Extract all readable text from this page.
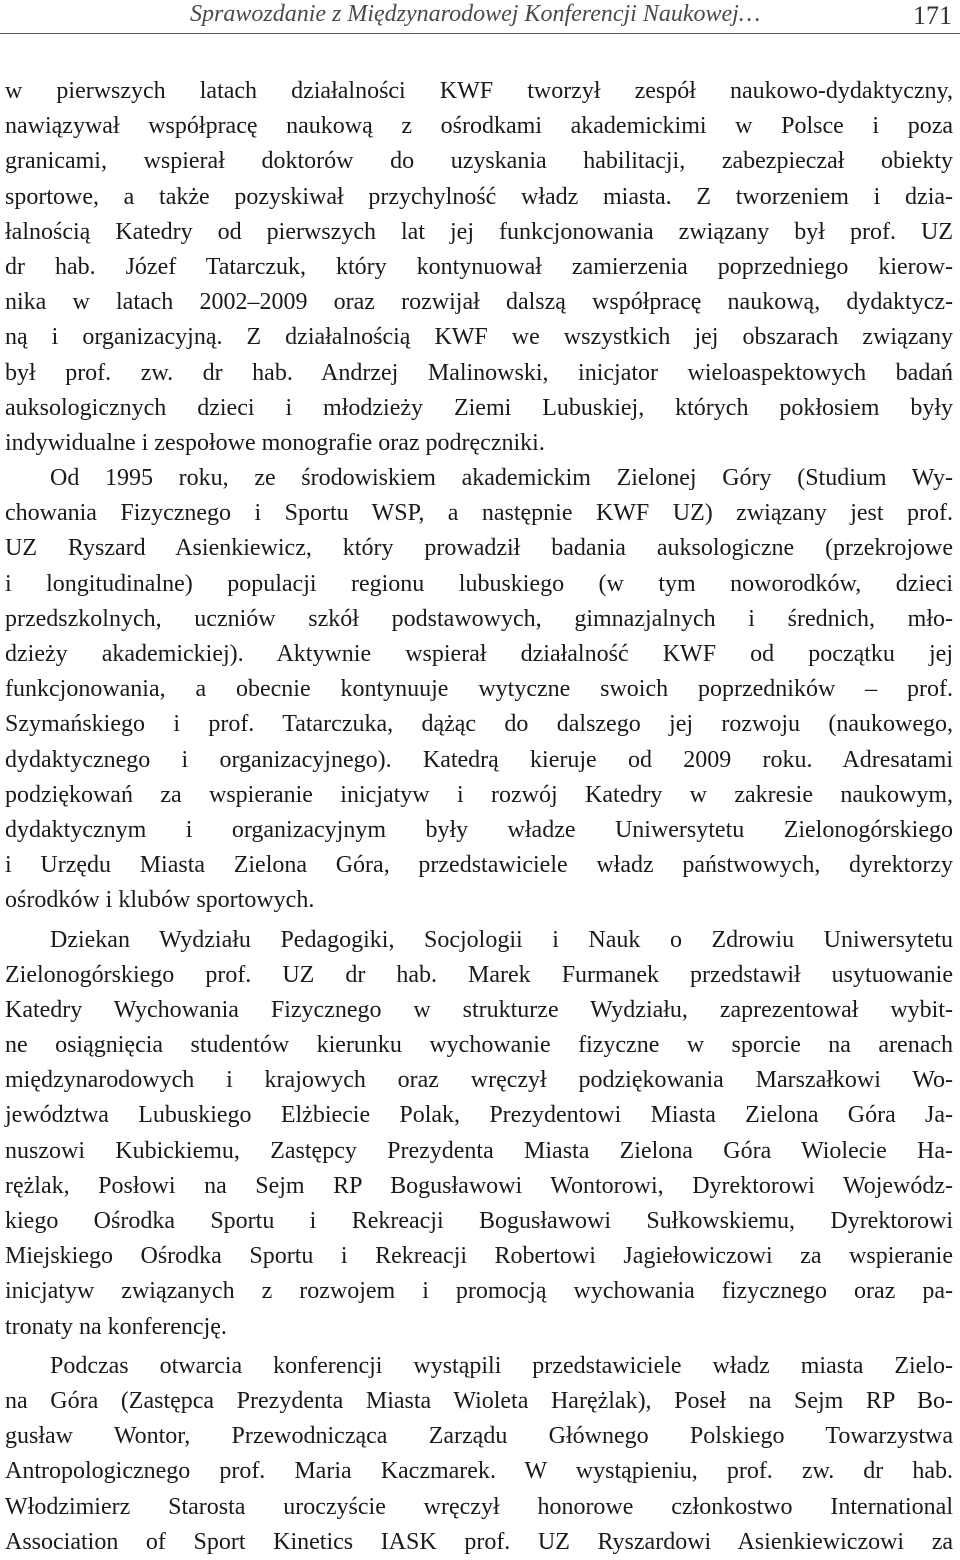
Sprawozdanie z Międzynarodowej Konferencji Naukowej…	171
w pierwszych latach działalności KWF tworzył zespół naukowo-dydaktyczny,
nawiązywał współpracę naukową z ośrodkami akademickimi w Polsce i poza
granicami, wspierał doktorów do uzyskania habilitacji, zabezpieczał obiekty
sportowe, a także pozyskiwał przychylność władz miasta. Z tworzeniem i dzia-
łalnością Katedry od pierwszych lat jej funkcjonowania związany był prof. UZ
dr hab. Józef Tatarczuk, który kontynuował zamierzenia poprzedniego kierow-
nika w latach 2002–2009 oraz rozwijał dalszą współpracę naukową, dydaktycz-
ną i organizacyjną. Z działalnością KWF we wszystkich jej obszarach związany
był prof. zw. dr hab. Andrzej Malinowski, inicjator wieloaspektowych badań
auksologicznych dzieci i młodzieży Ziemi Lubuskiej, których pokłosiem były
indywidualne i zespołowe monografie oraz podręczniki.
Od 1995 roku, ze środowiskiem akademickim Zielonej Góry (Studium Wy-
chowania Fizycznego i Sportu WSP, a następnie KWF UZ) związany jest prof.
UZ Ryszard Asienkiewicz, który prowadził badania auksologiczne (przekrojowe
i longitudinalne) populacji regionu lubuskiego (w tym noworodków, dzieci
przedszkolnych, uczniów szkół podstawowych, gimnazjalnych i średnich, mło-
dzieży akademickiej). Aktywnie wspierał działalność KWF od początku jej
funkcjonowania, a obecnie kontynuuje wytyczne swoich poprzedników – prof.
Szymańskiego i prof. Tatarczuka, dążąc do dalszego jej rozwoju (naukowego,
dydaktycznego i organizacyjnego). Katedrą kieruje od 2009 roku. Adresatami
podziękowań za wspieranie inicjatyw i rozwój Katedry w zakresie naukowym,
dydaktycznym i organizacyjnym były władze Uniwersytetu Zielonogórskiego
i Urzędu Miasta Zielona Góra, przedstawiciele władz państwowych, dyrektorzy
ośrodków i klubów sportowych.
Dziekan Wydziału Pedagogiki, Socjologii i Nauk o Zdrowiu Uniwersytetu
Zielonogórskiego prof. UZ dr hab. Marek Furmanek przedstawił usytuowanie
Katedry Wychowania Fizycznego w strukturze Wydziału, zaprezentował wybit-
ne osiągnięcia studentów kierunku wychowanie fizyczne w sporcie na arenach
międzynarodowych i krajowych oraz wręczył podziękowania Marszałkowi Wo-
jewództwa Lubuskiego Elżbiecie Polak, Prezydentowi Miasta Zielona Góra Ja-
nuszowi Kubickiemu, Zastępcy Prezydenta Miasta Zielona Góra Wiolecie Ha-
rężlak, Posłowi na Sejm RP Bogusławowi Wontorowi, Dyrektorowi Wojewódz-
kiego Ośrodka Sportu i Rekreacji Bogusławowi Sułkowskiemu, Dyrektorowi
Miejskiego Ośrodka Sportu i Rekreacji Robertowi Jagiełowiczowi za wspieranie
inicjatyw związanych z rozwojem i promocją wychowania fizycznego oraz pa-
tronaty na konferencję.
Podczas otwarcia konferencji wystąpili przedstawiciele władz miasta Zielo-
na Góra (Zastępca Prezydenta Miasta Wioleta Harężlak), Poseł na Sejm RP Bo-
gusław Wontor, Przewodnicząca Zarządu Głównego Polskiego Towarzystwa
Antropologicznego prof. Maria Kaczmarek. W wystąpieniu, prof. zw. dr hab.
Włodzimierz Starosta uroczyście wręczył honorowe członkostwo International
Association of Sport Kinetics IASK prof. UZ Ryszardowi Asienkiewiczowi za
